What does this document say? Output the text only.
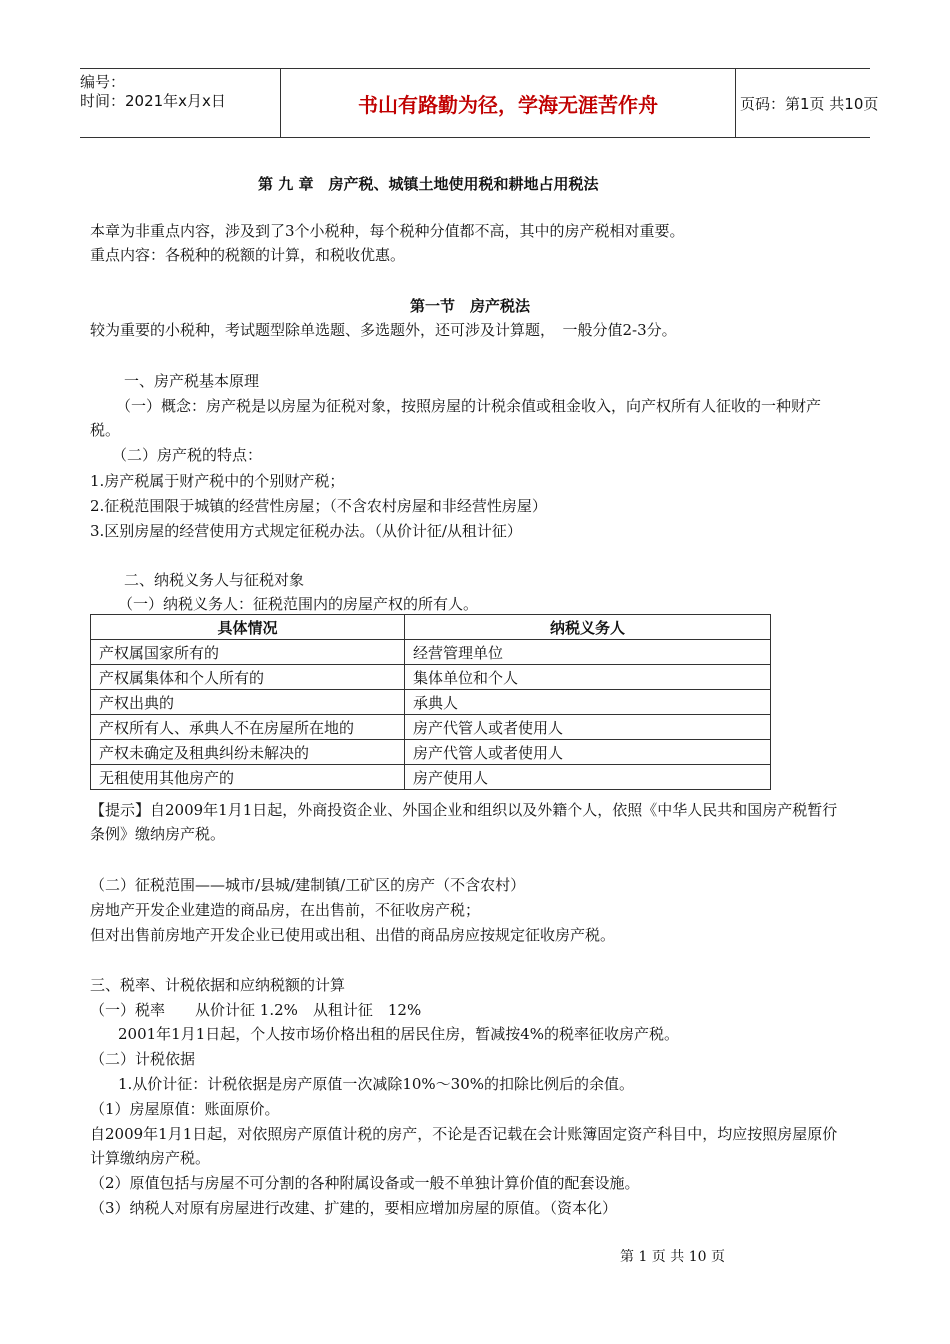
编号：
时间：2021年x月x日	书山有路勤为径，学海无涯苦作舟	页码：第1页 共10页
第 九 章　房产税、城镇土地使用税和耕地占用税法
本章为非重点内容，涉及到了3个小税种，每个税种分值都不高，其中的房产税相对重要。
重点内容：各税种的税额的计算，和税收优惠。
第一节　房产税法
较为重要的小税种，考试题型除单选题、多选题外，还可涉及计算题，　一般分值2-3分。
一、房产税基本原理
（一）概念：房产税是以房屋为征税对象，按照房屋的计税余值或租金收入，向产权所有人征收的一种财产税。
（二）房产税的特点：
1.房产税属于财产税中的个别财产税；
2.征税范围限于城镇的经营性房屋；（不含农村房屋和非经营性房屋）
3.区别房屋的经营使用方式规定征税办法。（从价计征/从租计征）
二、纳税义务人与征税对象
（一）纳税义务人：征税范围内的房屋产权的所有人。
具体情况	纳税义务人
产权属国家所有的	经营管理单位
产权属集体和个人所有的	集体单位和个人
产权出典的	承典人
产权所有人、承典人不在房屋所在地的	房产代管人或者使用人
产权未确定及租典纠纷未解决的	房产代管人或者使用人
无租使用其他房产的	房产使用人
【提示】自2009年1月1日起，外商投资企业、外国企业和组织以及外籍个人，依照《中华人民共和国房产税暂行条例》缴纳房产税。
（二）征税范围——城市/县城/建制镇/工矿区的房产（不含农村）
房地产开发企业建造的商品房，在出售前，不征收房产税；
但对出售前房地产开发企业已使用或出租、出借的商品房应按规定征收房产税。
三、税率、计税依据和应纳税额的计算
（一）税率　　从价计征 1.2%　从租计征　12%
2001年1月1日起，个人按市场价格出租的居民住房，暂减按4%的税率征收房产税。
（二）计税依据
1.从价计征：计税依据是房产原值一次减除10%～30%的扣除比例后的余值。
（1）房屋原值：账面原价。
自2009年1月1日起，对依照房产原值计税的房产，不论是否记载在会计账簿固定资产科目中，均应按照房屋原价计算缴纳房产税。
（2）原值包括与房屋不可分割的各种附属设备或一般不单独计算价值的配套设施。
（3）纳税人对原有房屋进行改建、扩建的，要相应增加房屋的原值。（资本化）
第 1 页 共 10 页
